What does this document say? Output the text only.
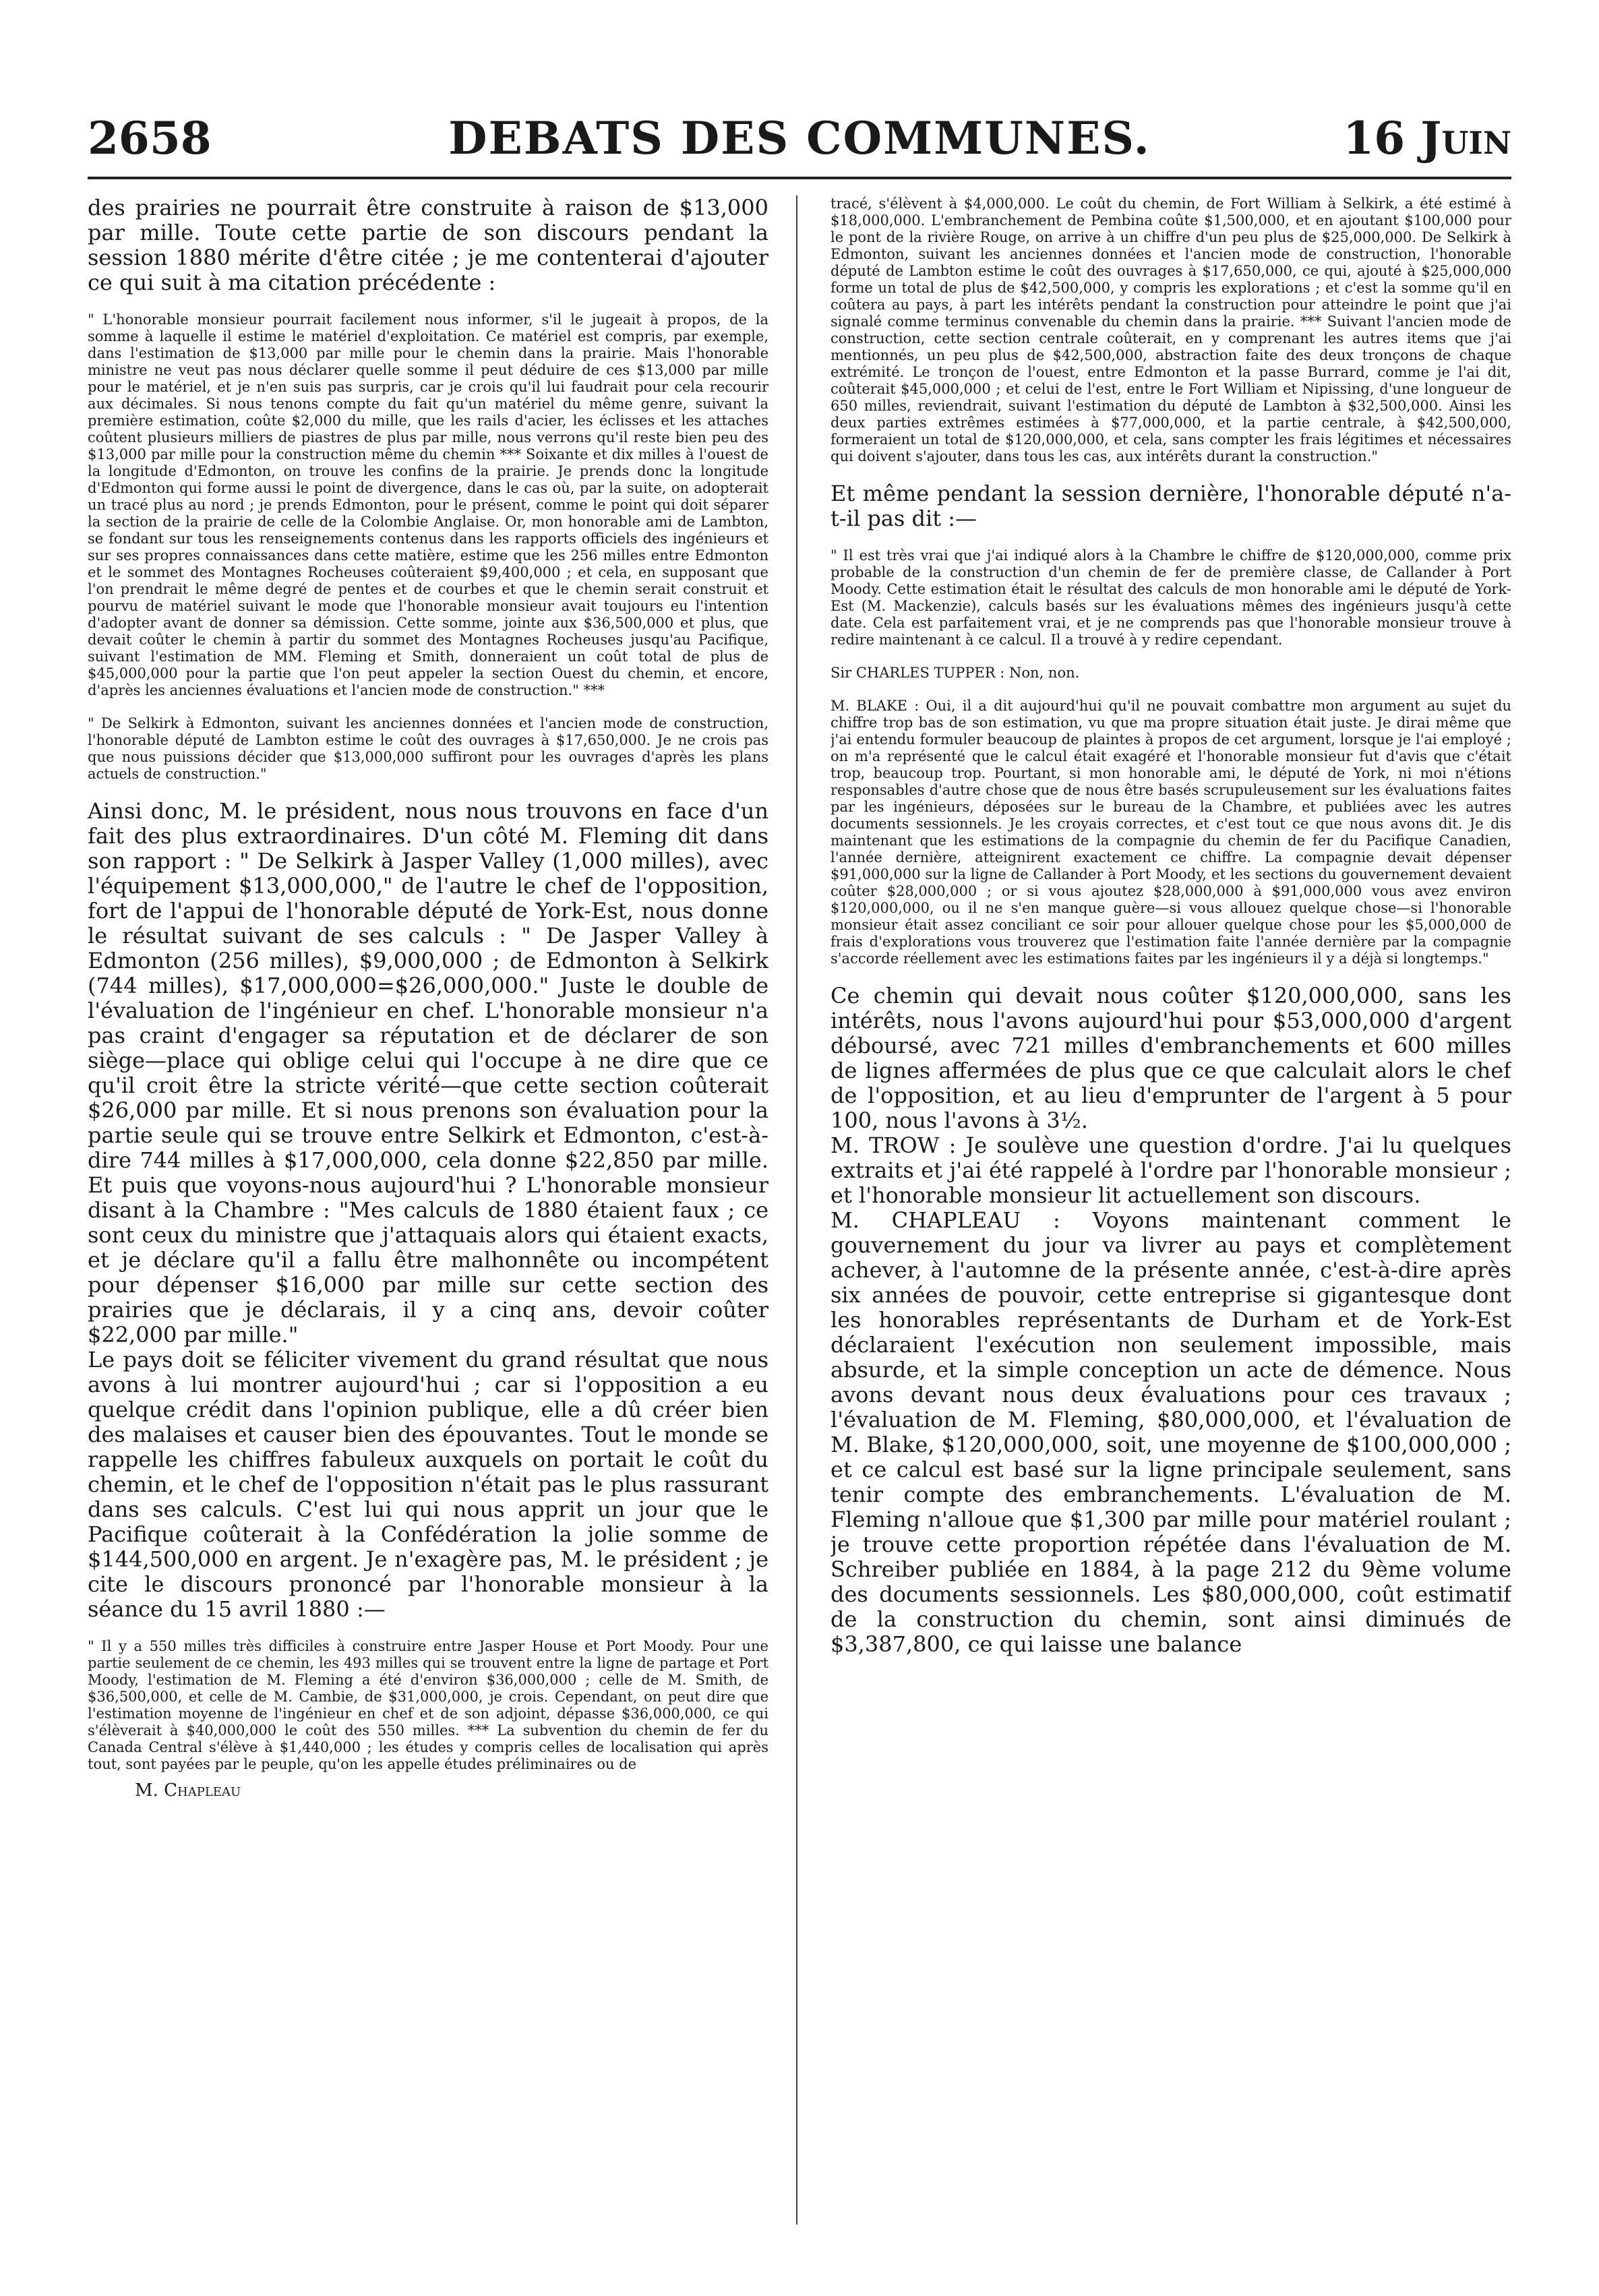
2658	DEBATS DES COMMUNES.	16 Juin

des prairies ne pourrait être construite à raison de $13,000 par mille. Toute cette partie de son discours pendant la session 1880 mérite d'être citée ; je me contenterai d'ajouter ce qui suit à ma citation précédente :

" L'honorable monsieur pourrait facilement nous informer, s'il le jugeait à propos, de la somme à laquelle il estime le matériel d'exploitation. Ce matériel est compris, par exemple, dans l'estimation de $13,000 par mille pour le chemin dans la prairie. Mais l'honorable ministre ne veut pas nous déclarer quelle somme il peut déduire de ces $13,000 par mille pour le matériel, et je n'en suis pas surpris, car je crois qu'il lui faudrait pour cela recourir aux décimales. Si nous tenons compte du fait qu'un matériel du même genre, suivant la première estimation, coûte $2,000 du mille, que les rails d'acier, les éclisses et les attaches coûtent plusieurs milliers de piastres de plus par mille, nous verrons qu'il reste bien peu des $13,000 par mille pour la construction même du chemin *** Soixante et dix milles à l'ouest de la longitude d'Edmonton, on trouve les confins de la prairie. Je prends donc la longitude d'Edmonton qui forme aussi le point de divergence, dans le cas où, par la suite, on adopterait un tracé plus au nord ; je prends Edmonton, pour le présent, comme le point qui doit séparer la section de la prairie de celle de la Colombie Anglaise. Or, mon honorable ami de Lambton, se fondant sur tous les renseignements contenus dans les rapports officiels des ingénieurs et sur ses propres connaissances dans cette matière, estime que les 256 milles entre Edmonton et le sommet des Montagnes Rocheuses coûteraient $9,400,000 ; et cela, en supposant que l'on prendrait le même degré de pentes et de courbes et que le chemin serait construit et pourvu de matériel suivant le mode que l'honorable monsieur avait toujours eu l'intention d'adopter avant de donner sa démission. Cette somme, jointe aux $36,500,000 et plus, que devait coûter le chemin à partir du sommet des Montagnes Rocheuses jusqu'au Pacifique, suivant l'estimation de MM. Fleming et Smith, donneraient un coût total de plus de $45,000,000 pour la partie que l'on peut appeler la section Ouest du chemin, et encore, d'après les anciennes évaluations et l'ancien mode de construction." ***

" De Selkirk à Edmonton, suivant les anciennes données et l'ancien mode de construction, l'honorable député de Lambton estime le coût des ouvrages à $17,650,000. Je ne crois pas que nous puissions décider que $13,000,000 suffiront pour les ouvrages d'après les plans actuels de construction."

Ainsi donc, M. le président, nous nous trouvons en face d'un fait des plus extraordinaires. D'un côté M. Fleming dit dans son rapport : " De Selkirk à Jasper Valley (1,000 milles), avec l'équipement $13,000,000," de l'autre le chef de l'opposition, fort de l'appui de l'honorable député de York-Est, nous donne le résultat suivant de ses calculs : " De Jasper Valley à Edmonton (256 milles), $9,000,000 ; de Edmonton à Selkirk (744 milles), $17,000,000=$26,000,000." Juste le double de l'évaluation de l'ingénieur en chef. L'honorable monsieur n'a pas craint d'engager sa réputation et de déclarer de son siège—place qui oblige celui qui l'occupe à ne dire que ce qu'il croit être la stricte vérité—que cette section coûterait $26,000 par mille. Et si nous prenons son évaluation pour la partie seule qui se trouve entre Selkirk et Edmonton, c'est-à-dire 744 milles à $17,000,000, cela donne $22,850 par mille. Et puis que voyons-nous aujourd'hui ? L'honorable monsieur disant à la Chambre : "Mes calculs de 1880 étaient faux ; ce sont ceux du ministre que j'attaquais alors qui étaient exacts, et je déclare qu'il a fallu être malhonnête ou incompétent pour dépenser $16,000 par mille sur cette section des prairies que je déclarais, il y a cinq ans, devoir coûter $22,000 par mille."

Le pays doit se féliciter vivement du grand résultat que nous avons à lui montrer aujourd'hui ; car si l'opposition a eu quelque crédit dans l'opinion publique, elle a dû créer bien des malaises et causer bien des épouvantes. Tout le monde se rappelle les chiffres fabuleux auxquels on portait le coût du chemin, et le chef de l'opposition n'était pas le plus rassurant dans ses calculs. C'est lui qui nous apprit un jour que le Pacifique coûterait à la Confédération la jolie somme de $144,500,000 en argent. Je n'exagère pas, M. le président ; je cite le discours prononcé par l'honorable monsieur à la séance du 15 avril 1880 :—

" Il y a 550 milles très difficiles à construire entre Jasper House et Port Moody. Pour une partie seulement de ce chemin, les 493 milles qui se trouvent entre la ligne de partage et Port Moody, l'estimation de M. Fleming a été d'environ $36,000,000 ; celle de M. Smith, de $36,500,000, et celle de M. Cambie, de $31,000,000, je crois. Cependant, on peut dire que l'estimation moyenne de l'ingénieur en chef et de son adjoint, dépasse $36,000,000, ce qui s'élèverait à $40,000,000 le coût des 550 milles. *** La subvention du chemin de fer du Canada Central s'élève à $1,440,000 ; les études y compris celles de localisation qui après tout, sont payées par le peuple, qu'on les appelle études préliminaires ou de

M. Chapleau

tracé, s'élèvent à $4,000,000. Le coût du chemin, de Fort William à Selkirk, a été estimé à $18,000,000. L'embranchement de Pembina coûte $1,500,000, et en ajoutant $100,000 pour le pont de la rivière Rouge, on arrive à un chiffre d'un peu plus de $25,000,000. De Selkirk à Edmonton, suivant les anciennes données et l'ancien mode de construction, l'honorable député de Lambton estime le coût des ouvrages à $17,650,000, ce qui, ajouté à $25,000,000 forme un total de plus de $42,500,000, y compris les explorations ; et c'est la somme qu'il en coûtera au pays, à part les intérêts pendant la construction pour atteindre le point que j'ai signalé comme terminus convenable du chemin dans la prairie. *** Suivant l'ancien mode de construction, cette section centrale coûterait, en y comprenant les autres items que j'ai mentionnés, un peu plus de $42,500,000, abstraction faite des deux tronçons de chaque extrémité. Le tronçon de l'ouest, entre Edmonton et la passe Burrard, comme je l'ai dit, coûterait $45,000,000 ; et celui de l'est, entre le Fort William et Nipissing, d'une longueur de 650 milles, reviendrait, suivant l'estimation du député de Lambton à $32,500,000. Ainsi les deux parties extrêmes estimées à $77,000,000, et la partie centrale, à $42,500,000, formeraient un total de $120,000,000, et cela, sans compter les frais légitimes et nécessaires qui doivent s'ajouter, dans tous les cas, aux intérêts durant la construction."

Et même pendant la session dernière, l'honorable député n'a-t-il pas dit :—

" Il est très vrai que j'ai indiqué alors à la Chambre le chiffre de $120,000,000, comme prix probable de la construction d'un chemin de fer de première classe, de Callander à Port Moody. Cette estimation était le résultat des calculs de mon honorable ami le député de York-Est (M. Mackenzie), calculs basés sur les évaluations mêmes des ingénieurs jusqu'à cette date. Cela est parfaitement vrai, et je ne comprends pas que l'honorable monsieur trouve à redire maintenant à ce calcul. Il a trouvé à y redire cependant.

Sir CHARLES TUPPER : Non, non.

M. BLAKE : Oui, il a dit aujourd'hui qu'il ne pouvait combattre mon argument au sujet du chiffre trop bas de son estimation, vu que ma propre situation était juste. Je dirai même que j'ai entendu formuler beaucoup de plaintes à propos de cet argument, lorsque je l'ai employé ; on m'a représenté que le calcul était exagéré et l'honorable monsieur fut d'avis que c'était trop, beaucoup trop. Pourtant, si mon honorable ami, le député de York, ni moi n'étions responsables d'autre chose que de nous être basés scrupuleusement sur les évaluations faites par les ingénieurs, déposées sur le bureau de la Chambre, et publiées avec les autres documents sessionnels. Je les croyais correctes, et c'est tout ce que nous avons dit. Je dis maintenant que les estimations de la compagnie du chemin de fer du Pacifique Canadien, l'année dernière, atteignirent exactement ce chiffre. La compagnie devait dépenser $91,000,000 sur la ligne de Callander à Port Moody, et les sections du gouvernement devaient coûter $28,000,000 ; or si vous ajoutez $28,000,000 à $91,000,000 vous avez environ $120,000,000, ou il ne s'en manque guère—si vous allouez quelque chose—si l'honorable monsieur était assez conciliant ce soir pour allouer quelque chose pour les $5,000,000 de frais d'explorations vous trouverez que l'estimation faite l'année dernière par la compagnie s'accorde réellement avec les estimations faites par les ingénieurs il y a déjà si longtemps."

Ce chemin qui devait nous coûter $120,000,000, sans les intérêts, nous l'avons aujourd'hui pour $53,000,000 d'argent déboursé, avec 721 milles d'embranchements et 600 milles de lignes affermées de plus que ce que calculait alors le chef de l'opposition, et au lieu d'emprunter de l'argent à 5 pour 100, nous l'avons à 3½.

M. TROW : Je soulève une question d'ordre. J'ai lu quelques extraits et j'ai été rappelé à l'ordre par l'honorable monsieur ; et l'honorable monsieur lit actuellement son discours.

M. CHAPLEAU : Voyons maintenant comment le gouvernement du jour va livrer au pays et complètement achever, à l'automne de la présente année, c'est-à-dire après six années de pouvoir, cette entreprise si gigantesque dont les honorables représentants de Durham et de York-Est déclaraient l'exécution non seulement impossible, mais absurde, et la simple conception un acte de démence. Nous avons devant nous deux évaluations pour ces travaux ; l'évaluation de M. Fleming, $80,000,000, et l'évaluation de M. Blake, $120,000,000, soit, une moyenne de $100,000,000 ; et ce calcul est basé sur la ligne principale seulement, sans tenir compte des embranchements. L'évaluation de M. Fleming n'alloue que $1,300 par mille pour matériel roulant ; je trouve cette proportion répétée dans l'évaluation de M. Schreiber publiée en 1884, à la page 212 du 9ème volume des documents sessionnels. Les $80,000,000, coût estimatif de la construction du chemin, sont ainsi diminués de $3,387,800, ce qui laisse une balance
